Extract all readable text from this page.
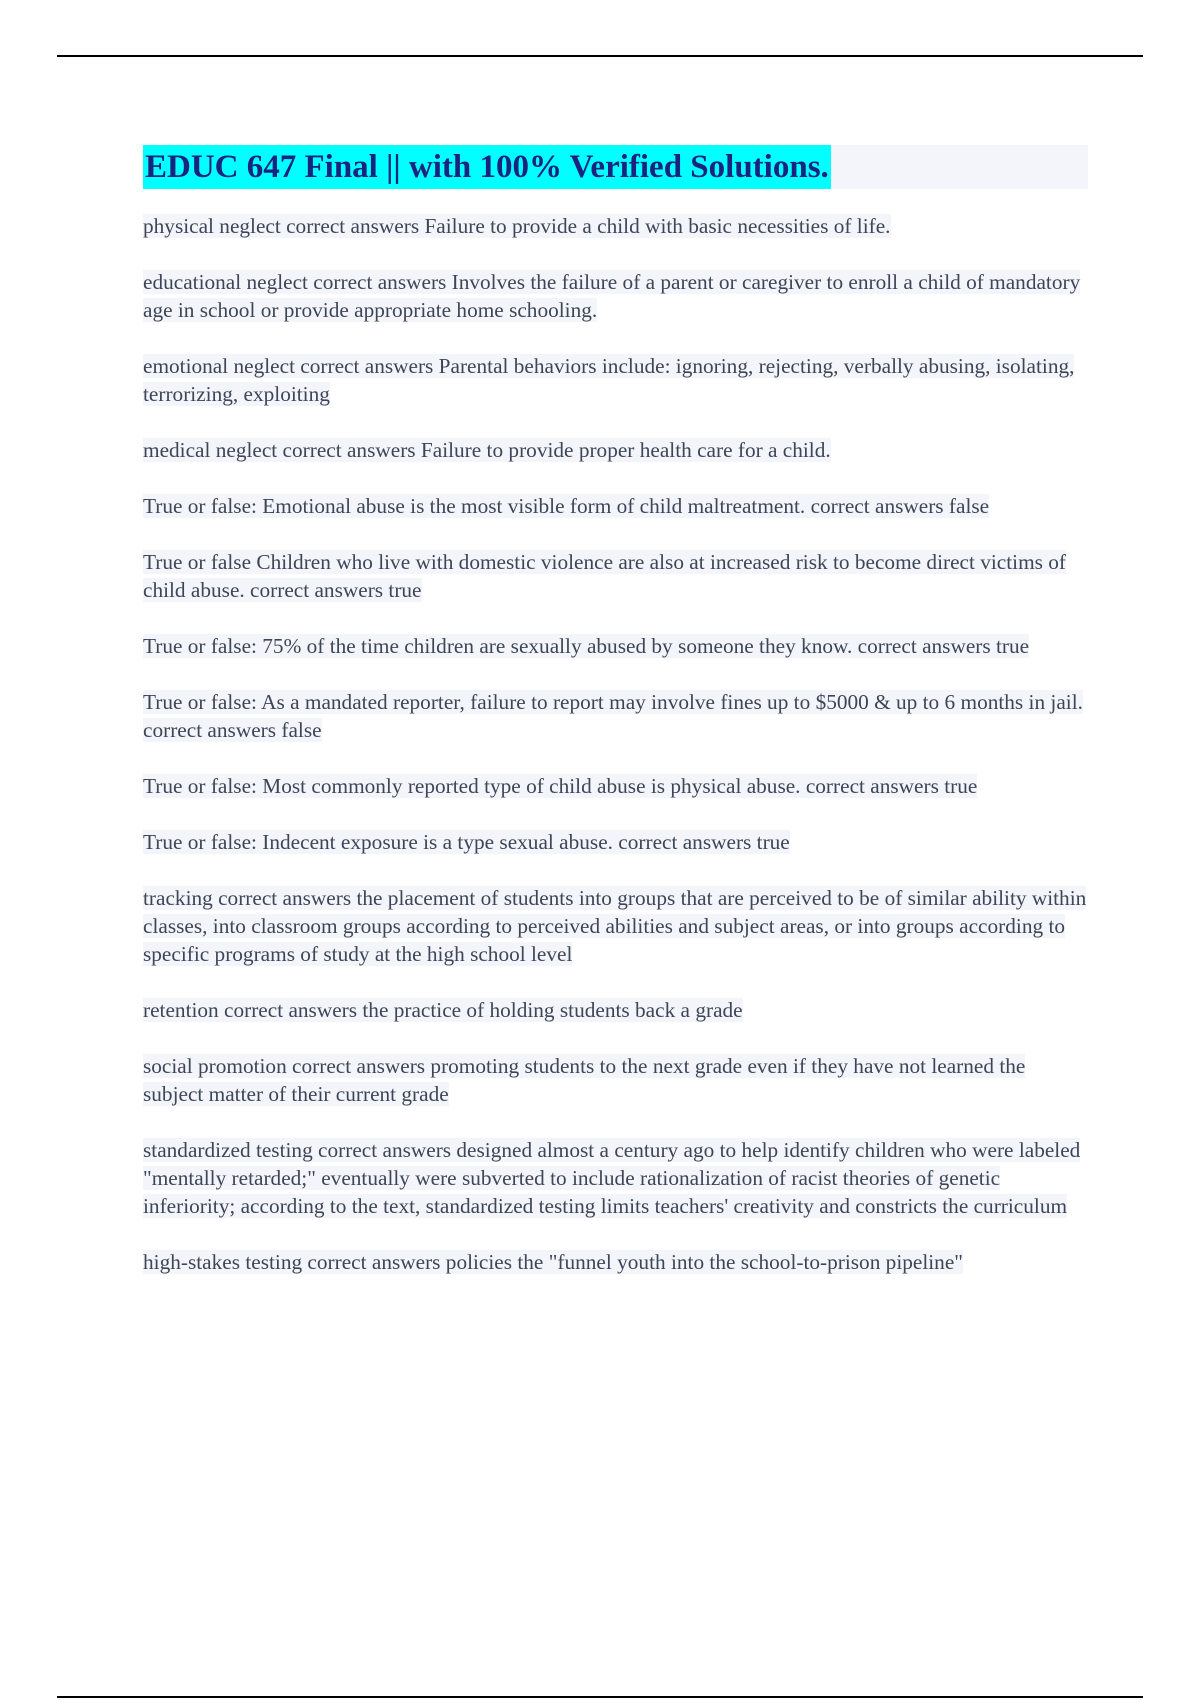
EDUC 647 Final || with 100% Verified Solutions.

physical neglect correct answers Failure to provide a child with basic necessities of life.

educational neglect correct answers Involves the failure of a parent or caregiver to enroll a child of mandatory age in school or provide appropriate home schooling.

emotional neglect correct answers Parental behaviors include: ignoring, rejecting, verbally abusing, isolating, terrorizing, exploiting

medical neglect correct answers Failure to provide proper health care for a child.

True or false: Emotional abuse is the most visible form of child maltreatment. correct answers false

True or false Children who live with domestic violence are also at increased risk to become direct victims of child abuse. correct answers true

True or false: 75% of the time children are sexually abused by someone they know. correct answers true

True or false: As a mandated reporter, failure to report may involve fines up to $5000 & up to 6 months in jail. correct answers false

True or false: Most commonly reported type of child abuse is physical abuse. correct answers true

True or false: Indecent exposure is a type sexual abuse. correct answers true

tracking correct answers the placement of students into groups that are perceived to be of similar ability within classes, into classroom groups according to perceived abilities and subject areas, or into groups according to specific programs of study at the high school level

retention correct answers the practice of holding students back a grade

social promotion correct answers promoting students to the next grade even if they have not learned the subject matter of their current grade

standardized testing correct answers designed almost a century ago to help identify children who were labeled "mentally retarded;" eventually were subverted to include rationalization of racist theories of genetic inferiority; according to the text, standardized testing limits teachers' creativity and constricts the curriculum

high-stakes testing correct answers policies the "funnel youth into the school-to-prison pipeline"
